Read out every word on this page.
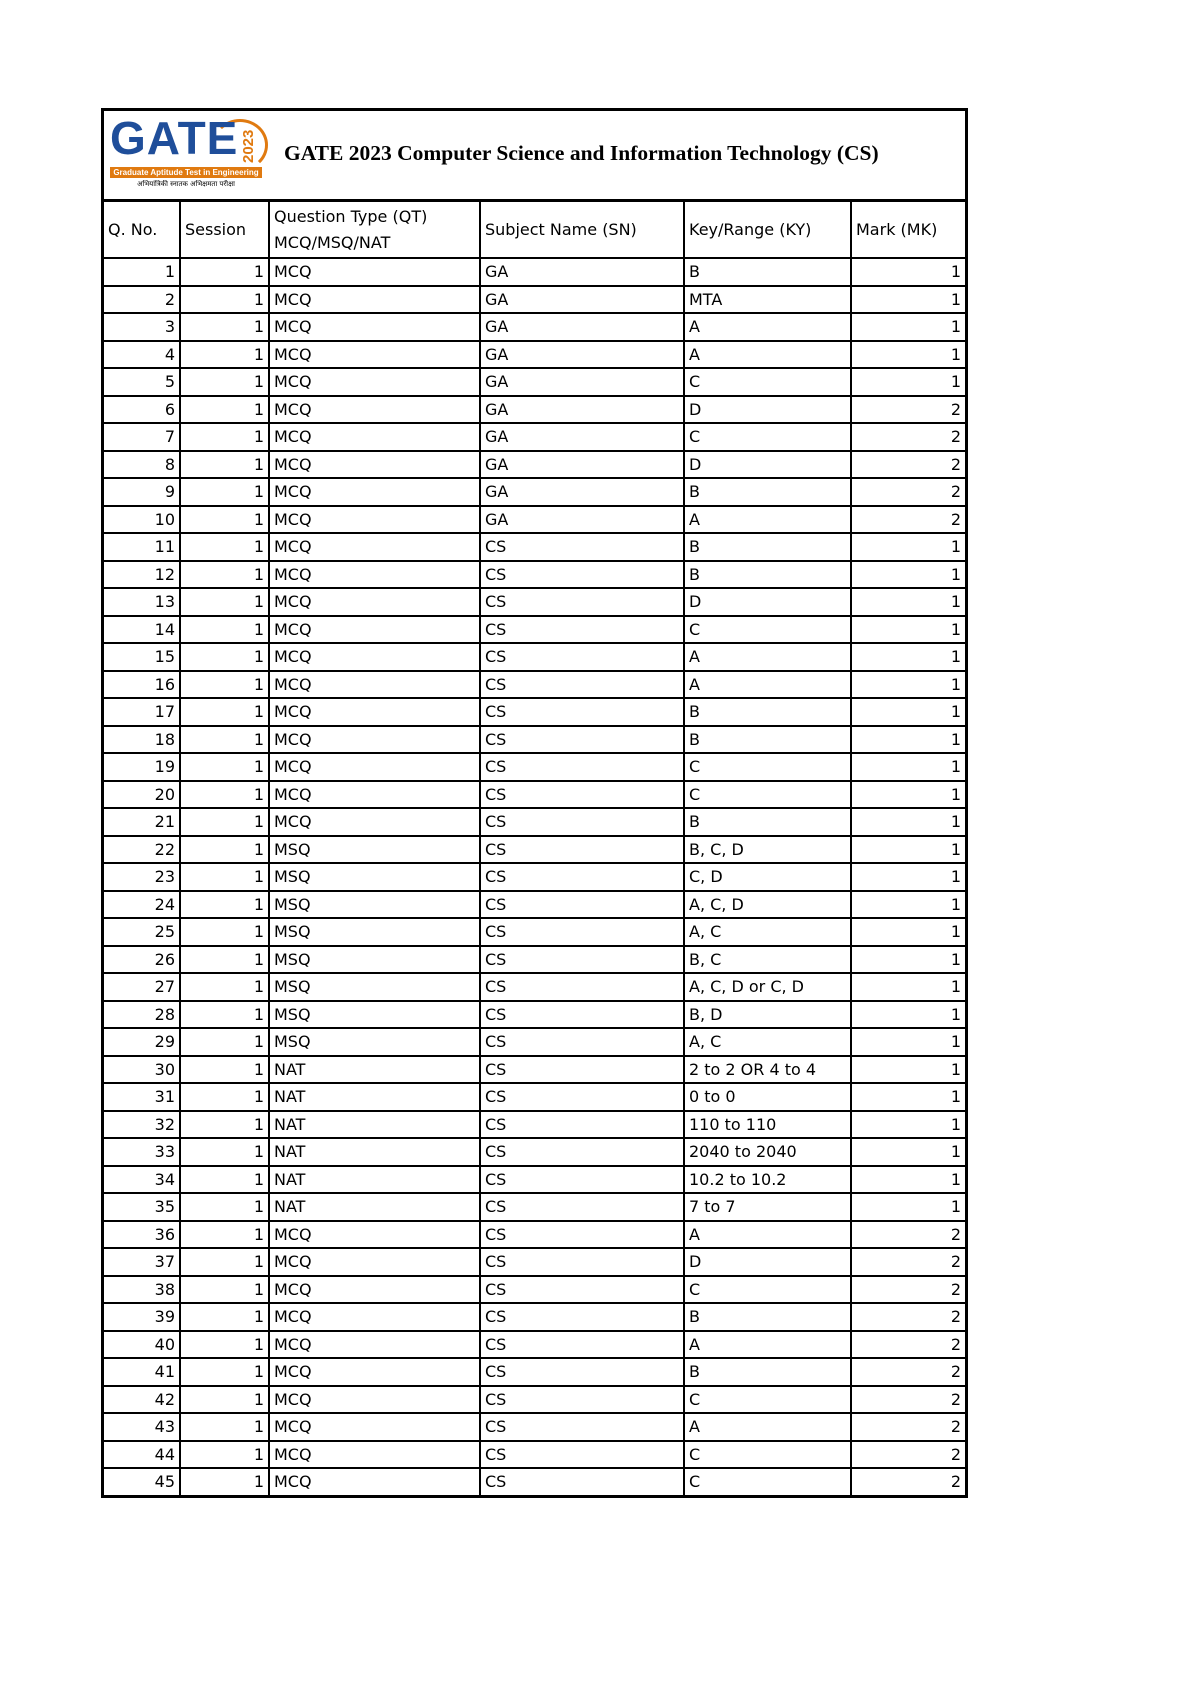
GATE 2023
Graduate Aptitude Test in Engineering
अभियांत्रिकी स्नातक अभिक्षमता परीक्षा
GATE 2023 Computer Science and Information Technology (CS)
Q. No.	Session	Question Type (QT) MCQ/MSQ/NAT	Subject Name (SN)	Key/Range (KY)	Mark (MK)
1	1	MCQ	GA	B	1
2	1	MCQ	GA	MTA	1
3	1	MCQ	GA	A	1
4	1	MCQ	GA	A	1
5	1	MCQ	GA	C	1
6	1	MCQ	GA	D	2
7	1	MCQ	GA	C	2
8	1	MCQ	GA	D	2
9	1	MCQ	GA	B	2
10	1	MCQ	GA	A	2
11	1	MCQ	CS	B	1
12	1	MCQ	CS	B	1
13	1	MCQ	CS	D	1
14	1	MCQ	CS	C	1
15	1	MCQ	CS	A	1
16	1	MCQ	CS	A	1
17	1	MCQ	CS	B	1
18	1	MCQ	CS	B	1
19	1	MCQ	CS	C	1
20	1	MCQ	CS	C	1
21	1	MCQ	CS	B	1
22	1	MSQ	CS	B, C, D	1
23	1	MSQ	CS	C, D	1
24	1	MSQ	CS	A, C, D	1
25	1	MSQ	CS	A, C	1
26	1	MSQ	CS	B, C	1
27	1	MSQ	CS	A, C, D or C, D	1
28	1	MSQ	CS	B, D	1
29	1	MSQ	CS	A, C	1
30	1	NAT	CS	2 to 2 OR 4 to 4	1
31	1	NAT	CS	0 to 0	1
32	1	NAT	CS	110 to 110	1
33	1	NAT	CS	2040 to 2040	1
34	1	NAT	CS	10.2 to 10.2	1
35	1	NAT	CS	7 to 7	1
36	1	MCQ	CS	A	2
37	1	MCQ	CS	D	2
38	1	MCQ	CS	C	2
39	1	MCQ	CS	B	2
40	1	MCQ	CS	A	2
41	1	MCQ	CS	B	2
42	1	MCQ	CS	C	2
43	1	MCQ	CS	A	2
44	1	MCQ	CS	C	2
45	1	MCQ	CS	C	2
